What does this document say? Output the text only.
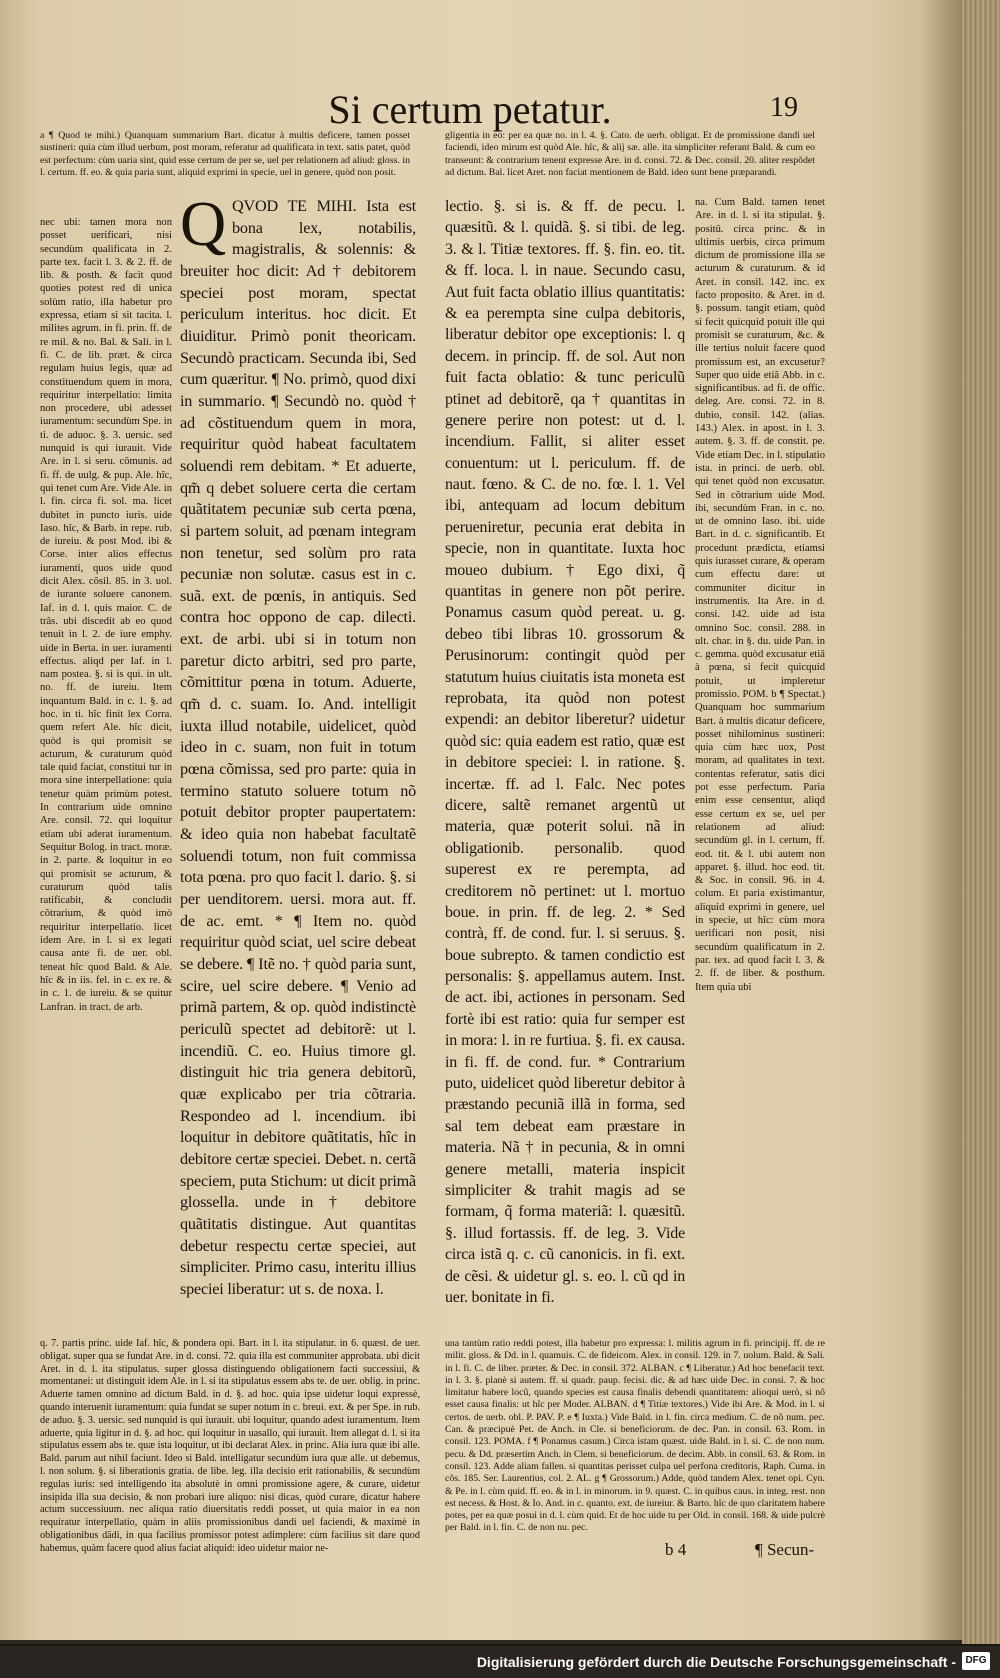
Si certum petatur.	19
a ¶ Quod te mihi.) Quanquam summarium Bart. dicatur à multis deficere, tamen posset sustineri: quia cùm illud uerbum, post moram, referatur ad qualificata in text. satis patet, quòd est perfectum: cùm uaria sint, quid esse certum de per se, uel per relationem ad aliud: gloss. in l. certum. ff. eo. & quia paria sunt, aliquid exprimi in specie, uel in genere, quòd non posit.
gligentia in eo: per ea quæ no. in l. 4. §. Cato. de uerb. obligat. Et de promissione dandi uel faciendi, ideo mirum est quòd Ale. hîc, & alij sæ. alle. ita simpliciter referant Bald. & cum eo transeunt: & contrarium tenent expresse Are. in d. consi. 72. & Dec. consil. 20. aliter respõdet ad dictum. Bal. licet Aret. non faciat mentionem de Bald. ideo sunt bene præparandi.
nec ubi: tamen mora non posset uerificari, nisi secundùm qualificata in 2. parte tex. facit l. 3. & 2. ff. de lib. & posth. & facit quod quoties potest red di unica solùm ratio, illa habetur pro expressa, etiam si sit tacita. l. milites agrum. in fi. prin. ff. de re mil. & no. Bal. & Sali. in l. fi. C. de lib. præt. & circa regulam huius legis, quæ ad constituendum quem in mora, requiritur interpellatio: limita non procedere, ubi adesset iuramentum: secundùm Spe. in ti. de aduoc. §. 3. uersic. sed nunquid is qui iurauit. Vide Are. in l. si seru. cõmunis. ad fi. ff. de uulg. & pup. Ale. hîc, qui tenet cum Are. Vide Ale. in l. fin. circa fi. sol. ma. licet dubitet in puncto iuris. uide Iaso. hîc, & Barb. in repe. rub. de iureiu. & post Mod. ibi & Corse. inter alios effectus iuramenti, quos uide quod dicit Alex. cõsil. 85. in 3. uol. de iurante soluere canonem. Iaf. in d. l. quis maior. C. de trãs. ubi discedit ab eo quod tenuit in l. 2. de iure emphy. uide in Berta. in uer. iuramenti effectus. aliqd per Iaf. in l. nam postea. §. si is qui. in ult. no. ff. de iureiu. Item inquantum Bald. in c. 1. §. ad hoc. in ti. hîc finit lex Corra. quem refert Ale. hîc dicit, quòd is qui promisit se acturum, & curaturum quòd tale quid faciat, constitui tur in mora sine interpellatione: quia tenetur quàm primùm potest. In contrarium uide omnino Are. consil. 72. qui loquitur etiam ubi aderat iuramentum. Sequitur Bolog. in tract. moræ. in 2. parte. & loquitur in eo qui promisit se acturum, & curaturum quòd talis ratificabit, & concludit cõtrarium, & quòd imò requiritur interpellatio. licet idem Are. in l. si ex legati causa ante fi. de uer. obl. teneat hîc quod Bald. & Ale. hîc & in iis. fel. in c. ex re. & in c. 1. de iureiu. & se quitur Lanfran. in tract. de arb.
Q QVOD TE MIHI. Ista est bona lex, notabilis, magistralis, & solennis: & breuiter hoc dicit: Ad † debitorem speciei post moram, spectat periculum interitus. hoc dicit. Et diuiditur. Primò ponit theoricam. Secundò practicam. Secunda ibi, Sed cum quæritur. ¶ No. primò, quod dixi in summario. ¶ Secundò no. quòd † ad cõstituendum quem in mora, requiritur quòd habeat facultatem soluendi rem debitam. * Et aduerte, qm̃ q debet soluere certa die certam quãtitatem pecuniæ sub certa pœna, si partem soluit, ad pœnam integram non tenetur, sed solùm pro rata pecuniæ non solutæ. casus est in c. suã. ext. de pœnis, in antiquis. Sed contra hoc oppono de cap. dilecti. ext. de arbi. ubi si in totum non paretur dicto arbitri, sed pro parte, cõmittitur pœna in totum. Aduerte, qm̃ d. c. suam. Io. And. intelligit iuxta illud notabile, uidelicet, quòd ideo in c. suam, non fuit in totum pœna cõmissa, sed pro parte: quia in termino statuto soluere totum nõ potuit debitor propter paupertatem: & ideo quia non habebat facultatẽ soluendi totum, non fuit commissa tota pœna. pro quo facit l. dario. §. si per uenditorem. uersi. mora aut. ff. de ac. emt. * ¶ Item no. quòd requiritur quòd sciat, uel scire debeat se debere. ¶ Itẽ no. † quòd paria sunt, scire, uel scire debere. ¶ Venio ad primã partem, & op. quòd indistinctè periculũ spectet ad debitorẽ: ut l. incendiũ. C. eo. Huius timore gl. distinguit hic tria genera debitorũ, quæ explicabo per tria cõtraria. Respondeo ad l. incendium. ibi loquitur in debitore quãtitatis, hîc in debitore certæ speciei. Debet. n. certã speciem, puta Stichum: ut dicit primã glossella. unde in † debitore quãtitatis distingue. Aut quantitas debetur respectu certæ speciei, aut simpliciter. Primo casu, interitu illius speciei liberatur: ut s. de noxa. l.
lectio. §. si is. & ff. de pecu. l. quæsitũ. & l. quidã. §. si tibi. de leg. 3. & l. Titiæ textores. ff. §. fin. eo. tit. & ff. loca. l. in naue. Secundo casu, Aut fuit facta oblatio illius quantitatis: & ea perempta sine culpa debitoris, liberatur debitor ope exceptionis: l. q decem. in princip. ff. de sol. Aut non fuit facta oblatio: & tunc periculũ ptinet ad debitorẽ, qa † quantitas in genere perire non potest: ut d. l. incendium. Fallit, si aliter esset conuentum: ut l. periculum. ff. de naut. fœno. & C. de no. fœ. l. 1. Vel ibi, antequam ad locum debitum perueniretur, pecunia erat debita in specie, non in quantitate. Iuxta hoc moueo dubium. † Ego dixi, q̃ quantitas in genere non põt perire. Ponamus casum quòd pereat. u. g. debeo tibi libras 10. grossorum & Perusinorum: contingit quòd per statutum huius ciuitatis ista moneta est reprobata, ita quòd non potest expendi: an debitor liberetur? uidetur quòd sic: quia eadem est ratio, quæ est in debitore speciei: l. in ratione. §. incertæ. ff. ad l. Falc. Nec potes dicere, saltẽ remanet argentũ ut materia, quæ poterit solui. nã in obligationib. personalib. quod superest ex re perempta, ad creditorem nõ pertinet: ut l. mortuo boue. in prin. ff. de leg. 2. * Sed contrà, ff. de cond. fur. l. si seruus. §. boue subrepto. & tamen condictio est personalis: §. appellamus autem. Inst. de act. ibi, actiones in personam. Sed fortè ibi est ratio: quia fur semper est in mora: l. in re furtiua. §. fi. ex causa. in fi. ff. de cond. fur. * Contrarium puto, uidelicet quòd liberetur debitor à præstando pecuniã illã in forma, sed sal tem debeat eam præstare in materia. Nã † in pecunia, & in omni genere metalli, materia inspicit simpliciter & trahit magis ad se formam, q̃ forma materiã: l. quæsitũ. §. illud fortassis. ff. de leg. 3. Vide circa istã q. c. cũ canonicis. in fi. ext. de cẽsi. & uidetur gl. s. eo. l. cũ qd in uer. bonitate in fi.
na. Cum Bald. tamen tenet Are. in d. l. si ita stipulat. §. positũ. circa princ. & in ultimis uerbis, circa primum dictum de promissione illa se acturum & curaturum. & id Aret. in consil. 142. inc. ex facto proposito. & Aret. in d. §. possum. tangit etiam, quòd si fecit quicquid potuit ille qui promisit se curaturum, &c. & ille tertius noluit facere quod promissum est, an excusetur? Super quo uide etiã Abb. in c. significantibus. ad fi. de offic. deleg. Are. consi. 72. in 8. dubio, consil. 142. (alias. 143.) Alex. in apost. in l. 3. autem. §. 3. ff. de constit. pe. Vide etiam Dec. in l. stipulatio ista. in princi. de uerb. obl. qui tenet quòd non excusatur. Sed in cõtrarium uide Mod. ibi, secundùm Fran. in c. no. ut de omnino Iaso. ibi. uide Bart. in d. c. significantib. Et procedunt prædicta, etiamsi quis iurasset curare, & operam cum effectu dare: ut communiter dicitur in instrumentis. Ita Are. in d. consi. 142. uide ad ista omnino Soc. consil. 288. in ult. char. in §. du. uide Pan. in c. gemma. quòd excusatur etiã à pœna, si fecit quicquid potuit, ut impleretur promissio. POM. b ¶ Spectat.) Quanquam hoc summarium Bart. à multis dicatur deficere, posset nihilominus sustineri: quia cùm hæc uox, Post moram, ad qualitates in text. contentas referatur, satis dici pot esse perfectum. Paria enim esse censentur, aliqd esse certum ex se, uel per relationem ad aliud: secundùm gl. in l. certum, ff. eod. tit. & l. ubi autem non apparet. §. illud. hoc eod. tit. & Soc. in consil. 96. in 4. colum. Et paria existimantur, aliquid exprimi in genere, uel in specie, ut hîc: cùm mora uerificari non posit, nisi secundùm qualificatum in 2. par. tex. ad quod facit l. 3. & 2. ff. de liber. & posthum. Item quia ubi
q. 7. partis princ. uide Iaf. hîc, & pondera opi. Bart. in l. ita stipulatur. in 6. quæst. de uer. obligat. super qua se fundat Are. in d. consi. 72. quia illa est communiter approbata. ubi dicit Aret. in d. l. ita stipulatus. super glossa distinguendo obligationem facti successiui, & momentanei: ut distinguit idem Ale. in l. si ita stipulatus essem abs te. de uer. oblig. in princ. Aduerte tamen omnino ad dictum Bald. in d. §. ad hoc. quia ipse uidetur loqui expressè, quando interuenit iuramentum: quia fundat se super notum in c. breui. ext. & per Spe. in rub. de aduo. §. 3. uersic. sed nunquid is qui iurauit. ubi loquitur, quando adest iuramentum. Item aduerte, quia ligitur in d. §. ad hoc. qui loquitur in uasallo, qui iurauit. Item allegat d. l. si ita stipulatus essem abs te. quæ ista loquitur, ut ibi declarat Alex. in princ. Alia iura quæ ibi alle. Bald. parum aut nihil faciunt. Ideo si Bald. intelligatur secundùm iura quæ alle. ut debemus, l. non solum. §. si liberationis gratia. de libe. leg. illa decisio erit rationabilis, & secundùm regulas iuris: sed intelligendo ita absolutè in omni promissione agere, & curare, uidetur insipida illa sua decisio, & non probari iure aliquo: nisi dicas, quòd curare, dicatur habere actum successiuum. nec aliqua ratio diuersitatis reddi posset, ut quia maior in ea non requiratur interpellatio, quàm in aliis promissionibus dandi uel faciendi, & maximè in obligationibus dãdi, in qua facilius promissor potest adimplere: cùm facilius sit dare quod habemus, quàm facere quod alius faciat aliquid: ideo uidetur maior ne-
una tantùm ratio reddi potest, illa habetur pro expressa: l. militis agrum in fi. principij. ff. de re milit. gloss. & Dd. in l. quamuis. C. de fideicom. Alex. in consil. 129. in 7. uolum. Bald. & Sali. in l. fi. C. de liber. præter. & Dec. in consil. 372. ALBAN. c ¶ Liberatur.) Ad hoc benefacit text. in l. 3. §. planè si autem. ff. si quadr. paup. fecisi. dic. & ad hæc uide Dec. in consi. 7. & hoc limitatur habere locũ, quando species est causa finalis debendi quantitatem: alioqui uerò, si nõ esset causa finalis: ut hîc per Moder. ALBAN. d ¶ Titiæ textores.) Vide ibi Are. & Mod. in l. si certos. de uerb. obl. P. PAV. P. e ¶ Iuxta.) Vide Bald. in l. fin. circa medium. C. de nõ num. pec. Can. & præcipuè Pet. de Anch. in Cle. si beneficiorum. de dec. Pan. in consil. 63. Rom. in consil. 123. POMA. f ¶ Ponamus casum.) Circa istam quæst. uide Bald. in l. si. C. de non num. pecu. & Dd. præsertim Anch. in Clem. si beneficiorum. de decim. Abb. in consil. 63. & Rom. in consil. 123. Adde aliam fallen. si quantitas perisset culpa uel perfona creditoris, Raph. Cuma. in cõs. 185. Ser. Laurentius, col. 2. AL. g ¶ Grossorum.) Adde, quòd tandem Alex. tenet opi. Cyn. & Pe. in l. cùm quid. ff. eo. & in l. in minorum. in 9. quæst. C. in quibus caus. in integ. rest. non est necess. & Host. & Io. And. in c. quanto. ext. de iureiur. & Barto. hîc de quo claritatem habere potes, per ea quæ posui in d. l. cùm quid. Et de hoc uide tu per Old. in consil. 168. & uide pulcrè per Bald. in l. fin. C. de non nu. pec.
b 4	¶ Secun-
Digitalisierung gefördert durch die Deutsche Forschungsgemeinschaft - DFG
